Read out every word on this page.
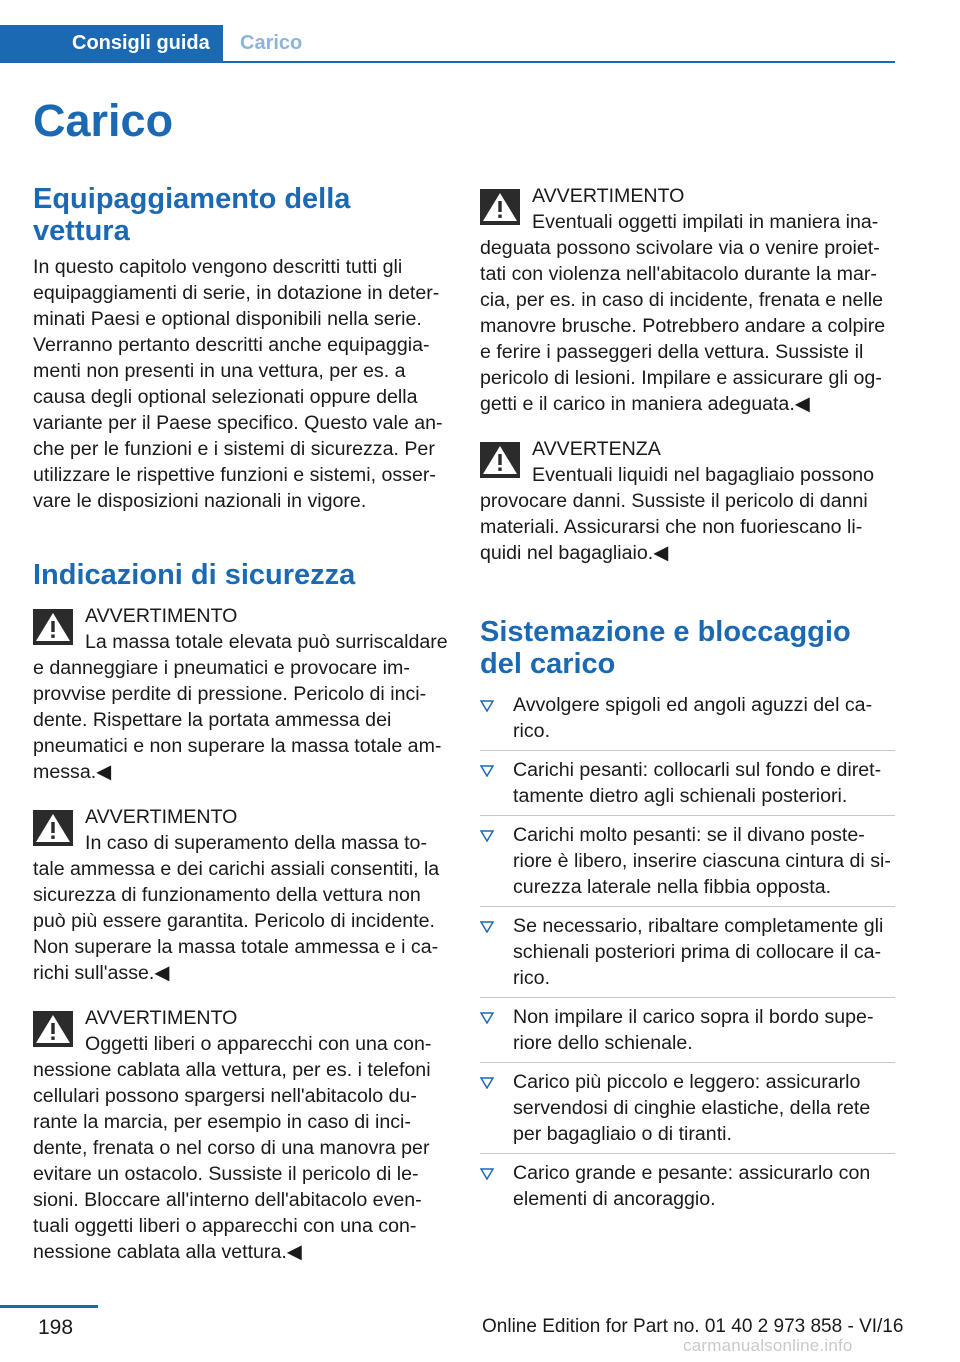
Consigli guida	Carico
Carico
Equipaggiamento della vettura

In questo capitolo vengono descritti tutti gli equipaggiamenti di serie, in dotazione in determinati Paesi e optional disponibili nella serie. Verranno pertanto descritti anche equipaggiamenti non presenti in una vettura, per es. a causa degli optional selezionati oppure della variante per il Paese specifico. Questo vale anche per le funzioni e i sistemi di sicurezza. Per utilizzare le rispettive funzioni e sistemi, osservare le disposizioni nazionali in vigore.

Indicazioni di sicurezza
AVVERTIMENTO
La massa totale elevata può surriscaldare
e danneggiare i pneumatici e provocare improvvise perdite di pressione. Pericolo di incidente. Rispettare la portata ammessa dei pneumatici e non superare la massa totale ammessa.◀
AVVERTIMENTO
In caso di superamento della massa to-
tale ammessa e dei carichi assiali consentiti, la sicurezza di funzionamento della vettura non può più essere garantita. Pericolo di incidente. Non superare la massa totale ammessa e i carichi sull'asse.◀
AVVERTIMENTO
Oggetti liberi o apparecchi con una con-
nessione cablata alla vettura, per es. i telefoni cellulari possono spargersi nell'abitacolo durante la marcia, per esempio in caso di incidente, frenata o nel corso di una manovra per evitare un ostacolo. Sussiste il pericolo di lesioni. Bloccare all'interno dell'abitacolo eventuali oggetti liberi o apparecchi con una connessione cablata alla vettura.◀
AVVERTIMENTO
Eventuali oggetti impilati in maniera ina-
deguata possono scivolare via o venire proiettati con violenza nell'abitacolo durante la marcia, per es. in caso di incidente, frenata e nelle manovre brusche. Potrebbero andare a colpire e ferire i passeggeri della vettura. Sussiste il pericolo di lesioni. Impilare e assicurare gli oggetti e il carico in maniera adeguata.◀
AVVERTENZA
Eventuali liquidi nel bagagliaio possono
provocare danni. Sussiste il pericolo di danni materiali. Assicurarsi che non fuoriescano liquidi nel bagagliaio.◀
Sistemazione e bloccaggio del carico
Avvolgere spigoli ed angoli aguzzi del carico.
Carichi pesanti: collocarli sul fondo e direttamente dietro agli schienali posteriori.
Carichi molto pesanti: se il divano posteriore è libero, inserire ciascuna cintura di sicurezza laterale nella fibbia opposta.
Se necessario, ribaltare completamente gli schienali posteriori prima di collocare il carico.
Non impilare il carico sopra il bordo superiore dello schienale.
Carico più piccolo e leggero: assicurarlo servendosi di cinghie elastiche, della rete per bagagliaio o di tiranti.
Carico grande e pesante: assicurarlo con elementi di ancoraggio.
198	Online Edition for Part no. 01 40 2 973 858 - VI/16
carmanualsonline.info
